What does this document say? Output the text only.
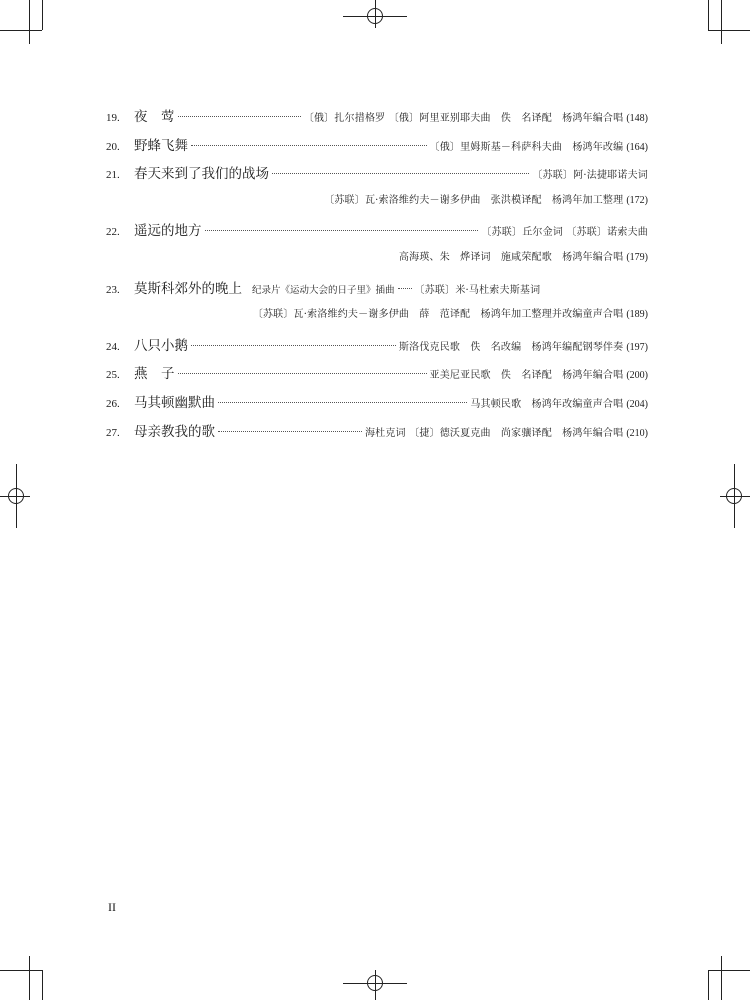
19.	夜　莺	〔俄〕扎尔措格罗 〔俄〕阿里亚别耶夫曲　佚　名译配　杨鸿年编合唱 (148)
20.	野蜂飞舞	〔俄〕里姆斯基－科萨科夫曲　杨鸿年改编 (164)
21.	春天来到了我们的战场	〔苏联〕阿·法捷耶诺夫词
〔苏联〕瓦·索洛维约夫－谢多伊曲　张洪模译配　杨鸿年加工整理 (172)
22.	遥远的地方	〔苏联〕丘尔金词 〔苏联〕诺索夫曲
高海瑛、朱　烨译词　施咸荣配歌　杨鸿年编合唱 (179)
23.	莫斯科郊外的晚上 纪录片《运动大会的日子里》插曲 〔苏联〕米·马杜索夫斯基词
〔苏联〕瓦·索洛维约夫－谢多伊曲　薛　范译配　杨鸿年加工整理并改编童声合唱 (189)
24.	八只小鹅	斯洛伐克民歌　佚　名改编　杨鸿年编配钢琴伴奏 (197)
25.	燕　子	亚美尼亚民歌　佚　名译配　杨鸿年编合唱 (200)
26.	马其顿幽默曲	马其顿民歌　杨鸿年改编童声合唱 (204)
27.	母亲教我的歌	海杜克词 〔捷〕德沃夏克曲　尚家骧译配　杨鸿年编合唱 (210)
II
